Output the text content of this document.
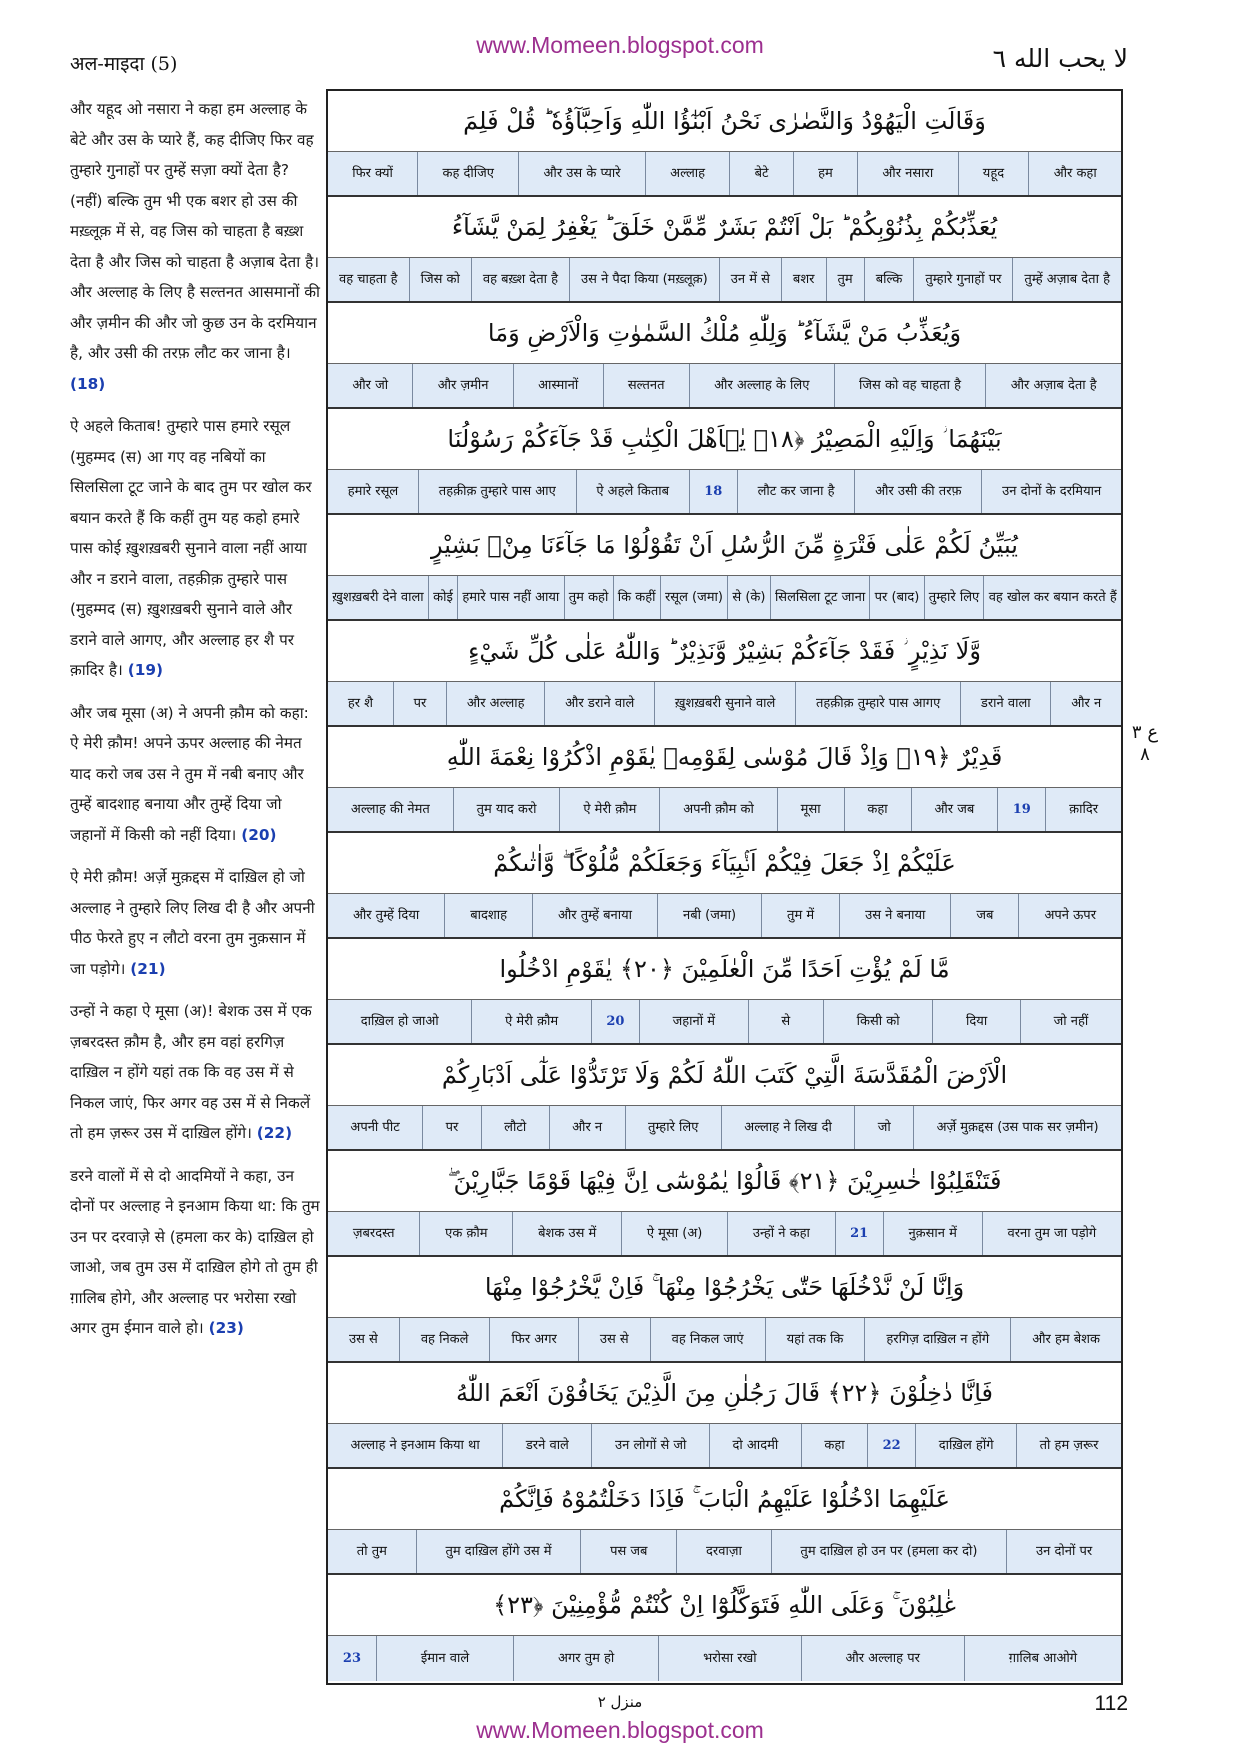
www.Momeen.blogspot.com
अल-माइदा (5)	لا يحب الله ٦

और यहूद ओ नसारा ने कहा हम अल्लाह के बेटे और उस के प्यारे हैं, कह दीजिए फिर वह तुम्हारे गुनाहों पर तुम्हें सज़ा क्यों देता है? (नहीं) बल्कि तुम भी एक बशर हो उस की मख़्लूक़ में से, वह जिस को चाहता है बख़्श देता है और जिस को चाहता है अज़ाब देता है। और अल्लाह के लिए है सल्तनत आसमानों की और ज़मीन की और जो कुछ उन के दरमियान है, और उसी की तरफ़ लौट कर जाना है। (18)

ऐ अहले किताब! तुम्हारे पास हमारे रसूल (मुहम्मद (स) आ गए वह नबियों का सिलसिला टूट जाने के बाद तुम पर खोल कर बयान करते हैं कि कहीं तुम यह कहो हमारे पास कोई ख़ुशख़बरी सुनाने वाला नहीं आया और न डराने वाला, तहक़ीक़ तुम्हारे पास (मुहम्मद (स) ख़ुशख़बरी सुनाने वाले और डराने वाले आगए, और अल्लाह हर शै पर क़ादिर है। (19)

और जब मूसा (अ) ने अपनी क़ौम को कहा: ऐ मेरी क़ौम! अपने ऊपर अल्लाह की नेमत याद करो जब उस ने तुम में नबी बनाए और तुम्हें बादशाह बनाया और तुम्हें दिया जो जहानों में किसी को नहीं दिया। (20)

ऐ मेरी क़ौम! अर्ज़े मुक़द्दस में दाख़िल हो जो अल्लाह ने तुम्हारे लिए लिख दी है और अपनी पीठ फेरते हुए न लौटो वरना तुम नुक़सान में जा पड़ोगे। (21)

उन्हों ने कहा ऐ मूसा (अ)! बेशक उस में एक ज़बरदस्त क़ौम है, और हम वहां हरगिज़ दाख़िल न होंगे यहां तक कि वह उस में से निकल जाएं, फिर अगर वह उस में से निकलें तो हम ज़रूर उस में दाख़िल होंगे। (22)

डरने वालों में से दो आदमियों ने कहा, उन दोनों पर अल्लाह ने इनआम किया था: कि तुम उन पर दरवाज़े से (हमला कर के) दाख़िल हो जाओ, जब तुम उस में दाख़िल होगे तो तुम ही ग़ालिब होगे, और अल्लाह पर भरोसा रखो अगर तुम ईमान वाले हो। (23)

وَقَالَتِ الْيَهُوْدُ وَالنَّصٰرٰى نَحْنُ اَبْنٰٓؤُا اللّٰهِ وَاَحِبَّآؤُهٗ ؕ قُلْ فَلِمَ
और कहा
यहूद
और नसारा
हम
बेटे
अल्लाह
और उस के प्यारे
कह दीजिए
फिर क्यों
يُعَذِّبُكُمْ بِذُنُوْبِكُمْ ؕ بَلْ اَنْتُمْ بَشَرٌ مِّمَّنْ خَلَقَ ؕ يَغْفِرُ لِمَنْ يَّشَآءُ
तुम्हें अज़ाब देता है
तुम्हारे गुनाहों पर
बल्कि
तुम
बशर
उन में से
उस ने पैदा किया (मख़्लूक़)
वह बख़्श देता है
जिस को
वह चाहता है
وَيُعَذِّبُ مَنْ يَّشَآءُ ؕ وَلِلّٰهِ مُلْكُ السَّمٰوٰتِ وَالْاَرْضِ وَمَا
और अज़ाब देता है
जिस को वह चाहता है
और अल्लाह के लिए
सल्तनत
आस्मानों
और ज़मीन
और जो
بَيْنَهُمَا ؗ وَاِلَيْهِ الْمَصِيْرُ ﴿١٨﴾ يٰۤاَهْلَ الْكِتٰبِ قَدْ جَآءَكُمْ رَسُوْلُنَا
उन दोनों के दरमियान
और उसी की तरफ़
लौट कर जाना है
18
ऐ अहले किताब
तहक़ीक़ तुम्हारे पास आए
हमारे रसूल
يُبَيِّنُ لَكُمْ عَلٰى فَتْرَةٍ مِّنَ الرُّسُلِ اَنْ تَقُوْلُوْا مَا جَآءَنَا مِنْۢ بَشِيْرٍ
वह खोल कर बयान करते हैं
तुम्हारे लिए
पर (बाद)
सिलसिला टूट जाना
से (के)
रसूल (जमा)
कि कहीं
तुम कहो
हमारे पास नहीं आया
कोई
ख़ुशख़बरी देने वाला
وَّلَا نَذِيْرٍ ؗ فَقَدْ جَآءَكُمْ بَشِيْرٌ وَّنَذِيْرٌ ؕ وَاللّٰهُ عَلٰى كُلِّ شَيْءٍ
और न
डराने वाला
तहक़ीक़ तुम्हारे पास आगए
ख़ुशख़बरी सुनाने वाले
और डराने वाले
और अल्लाह
पर
हर शै
قَدِيْرٌ ﴿١٩﴾ وَاِذْ قَالَ مُوْسٰى لِقَوْمِهٖ يٰقَوْمِ اذْكُرُوْا نِعْمَةَ اللّٰهِ
क़ादिर
19
और जब
कहा
मूसा
अपनी क़ौम को
ऐ मेरी क़ौम
तुम याद करो
अल्लाह की नेमत
عَلَيْكُمْ اِذْ جَعَلَ فِيْكُمْ اَنْۢبِيَآءَ وَجَعَلَكُمْ مُّلُوْكًا ۖ وَّاٰتٰىكُمْ
अपने ऊपर
जब
उस ने बनाया
तुम में
नबी (जमा)
और तुम्हें बनाया
बादशाह
और तुम्हें दिया
مَّا لَمْ يُؤْتِ اَحَدًا مِّنَ الْعٰلَمِيْنَ ﴿٢٠﴾ يٰقَوْمِ ادْخُلُوا
जो नहीं
दिया
किसी को
से
जहानों में
20
ऐ मेरी क़ौम
दाख़िल हो जाओ
الْاَرْضَ الْمُقَدَّسَةَ الَّتِيْ كَتَبَ اللّٰهُ لَكُمْ وَلَا تَرْتَدُّوْا عَلٰٓى اَدْبَارِكُمْ
अर्ज़े मुक़द्दस (उस पाक सर ज़मीन)
जो
अल्लाह ने लिख दी
तुम्हारे लिए
और न
लौटो
पर
अपनी पीट
فَتَنْقَلِبُوْا خٰسِرِيْنَ ﴿٢١﴾ قَالُوْا يٰمُوْسٰٓى اِنَّ فِيْهَا قَوْمًا جَبَّارِيْنَ ۖ
वरना तुम जा पड़ोगे
नुक़सान में
21
उन्हों ने कहा
ऐ मूसा (अ)
बेशक उस में
एक क़ौम
ज़बरदस्त
وَاِنَّا لَنْ نَّدْخُلَهَا حَتّٰى يَخْرُجُوْا مِنْهَا ۚ فَاِنْ يَّخْرُجُوْا مِنْهَا
और हम बेशक
हरगिज़ दाख़िल न होंगे
यहां तक कि
वह निकल जाएं
उस से
फिर अगर
वह निकले
उस से
فَاِنَّا دٰخِلُوْنَ ﴿٢٢﴾ قَالَ رَجُلٰنِ مِنَ الَّذِيْنَ يَخَافُوْنَ اَنْعَمَ اللّٰهُ
तो हम ज़रूर
दाख़िल होंगे
22
कहा
दो आदमी
उन लोगों से जो
डरने वाले
अल्लाह ने इनआम किया था
عَلَيْهِمَا ادْخُلُوْا عَلَيْهِمُ الْبَابَ ۚ فَاِذَا دَخَلْتُمُوْهُ فَاِنَّكُمْ
उन दोनों पर
तुम दाख़िल हो उन पर (हमला कर दो)
दरवाज़ा
पस जब
तुम दाख़िल होंगे उस में
तो तुम
غٰلِبُوْنَ ۚ وَعَلَى اللّٰهِ فَتَوَكَّلُوْٓا اِنْ كُنْتُمْ مُّؤْمِنِيْنَ ﴿٢٣﴾
ग़ालिब आओगे
और अल्लाह पर
भरोसा रखो
अगर तुम हो
ईमान वाले
23
ع ٣ ٨
منزل ٢	112
www.Momeen.blogspot.com
